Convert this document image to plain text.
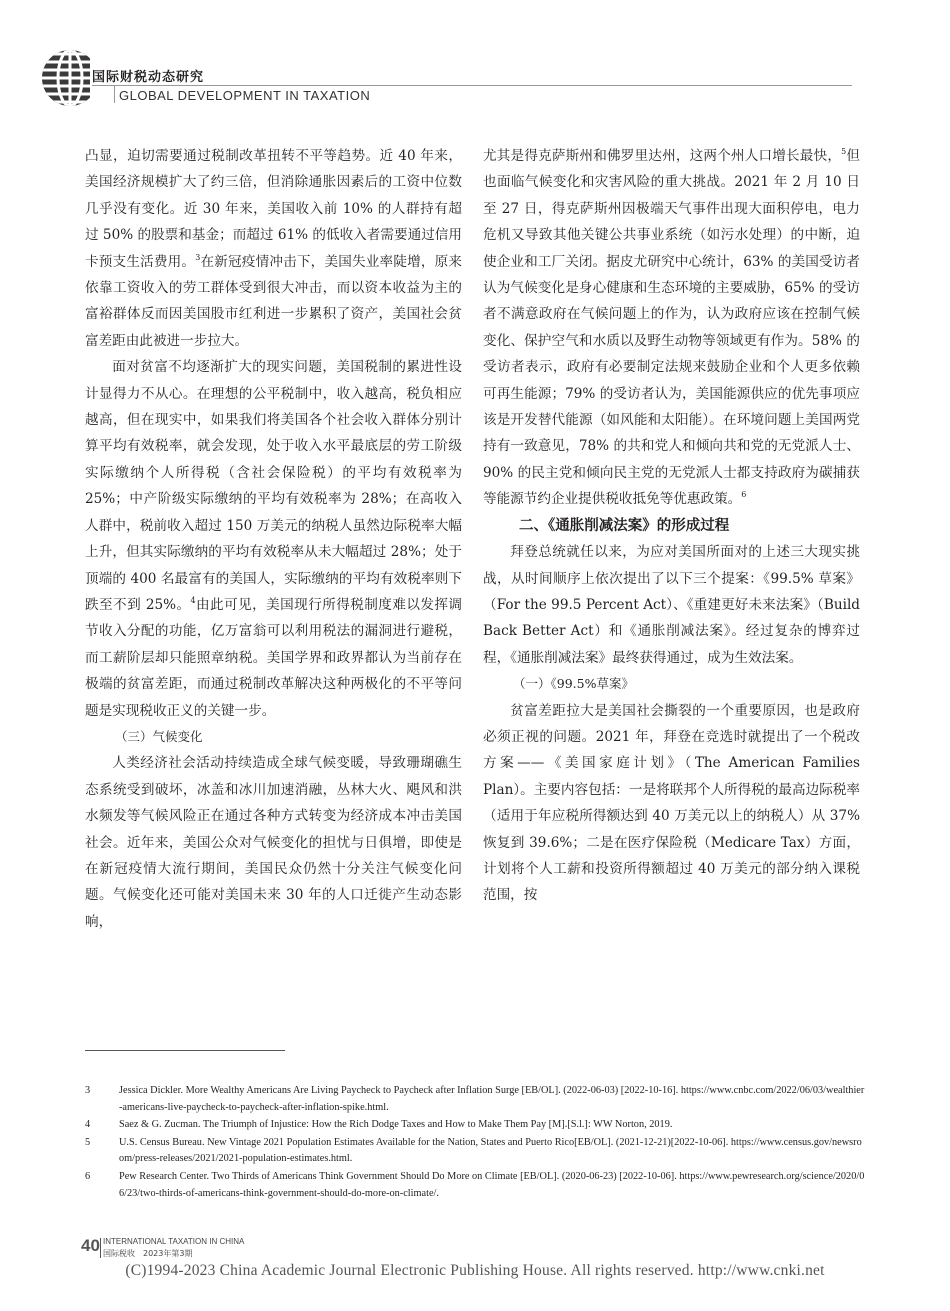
国际财税动态研究
GLOBAL DEVELOPMENT IN TAXATION

凸显，迫切需要通过税制改革扭转不平等趋势。近 40 年来，美国经济规模扩大了约三倍，但消除通胀因素后的工资中位数几乎没有变化。近 30 年来，美国收入前 10% 的人群持有超过 50% 的股票和基金；而超过 61% 的低收入者需要通过信用卡预支生活费用。$^3$在新冠疫情冲击下，美国失业率陡增，原来依靠工资收入的劳工群体受到很大冲击，而以资本收益为主的富裕群体反而因美国股市红利进一步累积了资产，美国社会贫富差距由此被进一步拉大。

面对贫富不均逐渐扩大的现实问题，美国税制的累进性设计显得力不从心。在理想的公平税制中，收入越高，税负相应越高，但在现实中，如果我们将美国各个社会收入群体分别计算平均有效税率，就会发现，处于收入水平最底层的劳工阶级实际缴纳个人所得税（含社会保险税）的平均有效税率为 25%；中产阶级实际缴纳的平均有效税率为 28%；在高收入人群中，税前收入超过 150 万美元的纳税人虽然边际税率大幅上升，但其实际缴纳的平均有效税率从未大幅超过 28%；处于顶端的 400 名最富有的美国人，实际缴纳的平均有效税率则下跌至不到 25%。$^4$由此可见，美国现行所得税制度难以发挥调节收入分配的功能，亿万富翁可以利用税法的漏洞进行避税，而工薪阶层却只能照章纳税。美国学界和政界都认为当前存在极端的贫富差距，而通过税制改革解决这种两极化的不平等问题是实现税收正义的关键一步。

（三）气候变化

人类经济社会活动持续造成全球气候变暖，导致珊瑚礁生态系统受到破坏，冰盖和冰川加速消融，丛林大火、飓风和洪水频发等气候风险正在通过各种方式转变为经济成本冲击美国社会。近年来，美国公众对气候变化的担忧与日俱增，即使是在新冠疫情大流行期间，美国民众仍然十分关注气候变化问题。气候变化还可能对美国未来 30 年的人口迁徙产生动态影响，

尤其是得克萨斯州和佛罗里达州，这两个州人口增长最快，$^5$但也面临气候变化和灾害风险的重大挑战。2021 年 2 月 10 日至 27 日，得克萨斯州因极端天气事件出现大面积停电，电力危机又导致其他关键公共事业系统（如污水处理）的中断，迫使企业和工厂关闭。据皮尤研究中心统计，63% 的美国受访者认为气候变化是身心健康和生态环境的主要威胁，65% 的受访者不满意政府在气候问题上的作为，认为政府应该在控制气候变化、保护空气和水质以及野生动物等领域更有作为。58% 的受访者表示，政府有必要制定法规来鼓励企业和个人更多依赖可再生能源；79% 的受访者认为，美国能源供应的优先事项应该是开发替代能源（如风能和太阳能）。在环境问题上美国两党持有一致意见，78% 的共和党人和倾向共和党的无党派人士、90% 的民主党和倾向民主党的无党派人士都支持政府为碳捕获等能源节约企业提供税收抵免等优惠政策。$^6$

二、《通胀削减法案》的形成过程

拜登总统就任以来，为应对美国所面对的上述三大现实挑战，从时间顺序上依次提出了以下三个提案：《99.5% 草案》（For the 99.5 Percent Act）、《重建更好未来法案》（Build Back Better Act）和《通胀削减法案》。经过复杂的博弈过程，《通胀削减法案》最终获得通过，成为生效法案。

（一）《99.5%草案》

贫富差距拉大是美国社会撕裂的一个重要原因，也是政府必须正视的问题。2021 年，拜登在竞选时就提出了一个税改方案——《美国家庭计划》（The American Families Plan）。主要内容包括：一是将联邦个人所得税的最高边际税率（适用于年应税所得额达到 40 万美元以上的纳税人）从 37% 恢复到 39.6%；二是在医疗保险税（Medicare Tax）方面，计划将个人工薪和投资所得额超过 40 万美元的部分纳入课税范围，按

3	Jessica Dickler. More Wealthy Americans Are Living Paycheck to Paycheck after Inflation Surge [EB/OL]. (2022-06-03) [2022-10-16]. https://www.cnbc.com/2022/06/03/wealthier-americans-live-paycheck-to-paycheck-after-inflation-spike.html.
4	Saez & G. Zucman. The Triumph of Injustice: How the Rich Dodge Taxes and How to Make Them Pay [M].[S.l.]: WW Norton, 2019.
5	U.S. Census Bureau. New Vintage 2021 Population Estimates Available for the Nation, States and Puerto Rico[EB/OL]. (2021-12-21)[2022-10-06]. https://www.census.gov/newsroom/press-releases/2021/2021-population-estimates.html.
6	Pew Research Center. Two Thirds of Americans Think Government Should Do More on Climate [EB/OL]. (2020-06-23) [2022-10-06]. https://www.pewresearch.org/science/2020/06/23/two-thirds-of-americans-think-government-should-do-more-on-climate/.
40 INTERNATIONAL TAXATION IN CHINA
国际税收　2023年第3期
(C)1994-2023 China Academic Journal Electronic Publishing House. All rights reserved. http://www.cnki.net
